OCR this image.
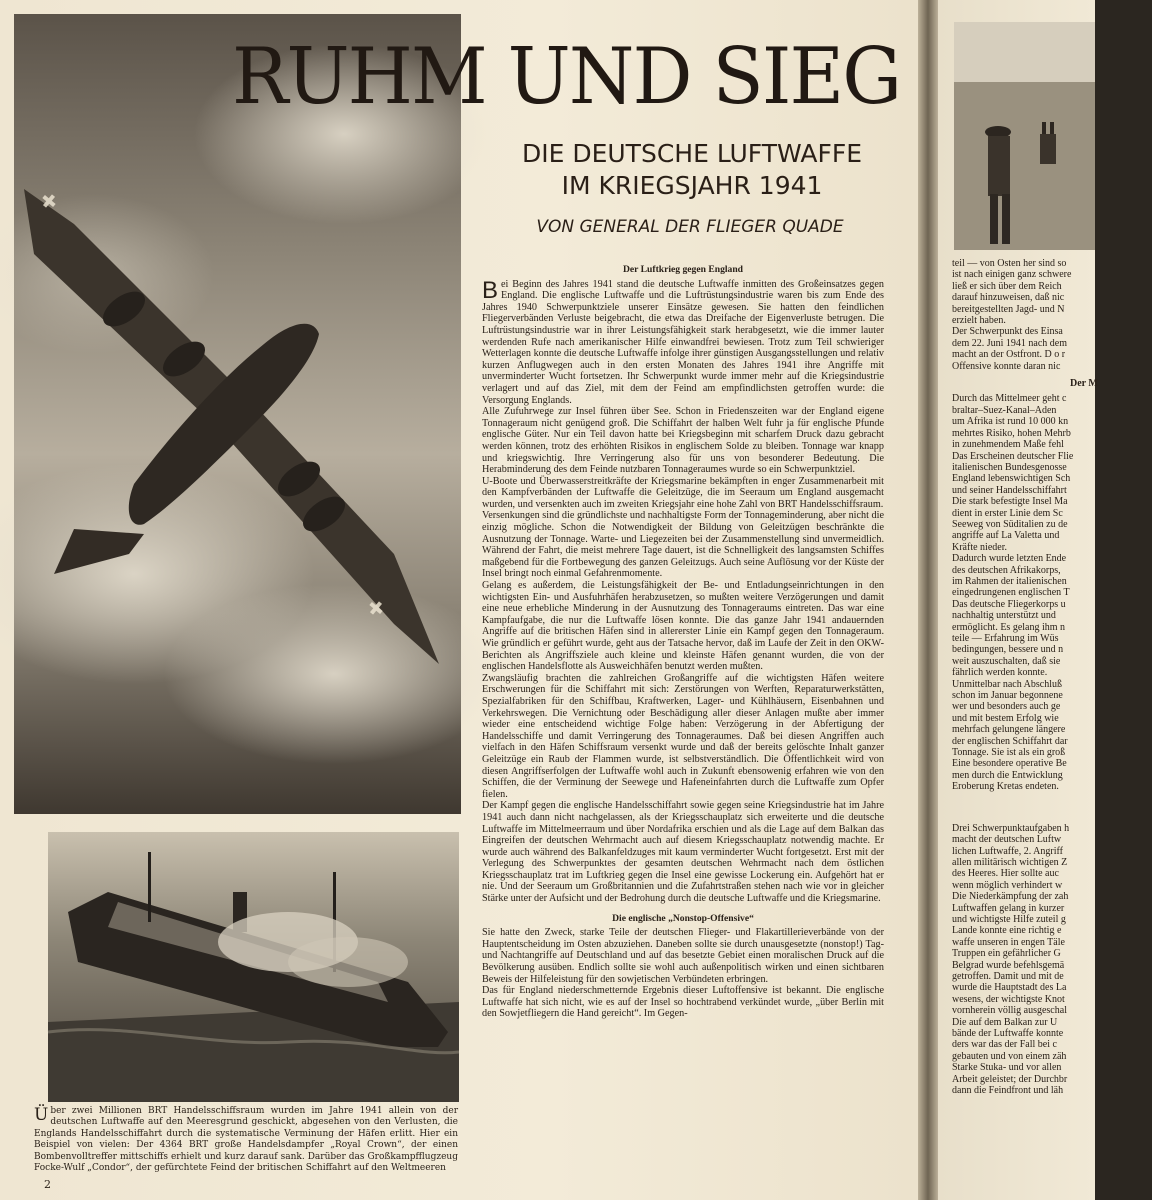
Über zwei Millionen BRT Handelsschiffsraum wurden im Jahre 1941 allein von der deutschen Luftwaffe auf den Meeresgrund geschickt, abgesehen von den Verlusten, die Englands Handelsschiffahrt durch die systematische Verminung der Häfen erlitt. Hier ein Beispiel von vielen: Der 4364 BRT große Handelsdampfer „Royal Crown“, der einen Bombenvolltreffer mittschiffs erhielt und kurz darauf sank. Darüber das Großkampfflugzeug Focke-Wulf „Condor“, der gefürchtete Feind der britischen Schiffahrt auf den Weltmeeren
2
RUHM UND SIEG
DIE DEUTSCHE LUFTWAFFE
IM KRIEGSJAHR 1941
VON GENERAL DER FLIEGER QUADE
Der Luftkrieg gegen England

Bei Beginn des Jahres 1941 stand die deutsche Luftwaffe inmitten des Großeinsatzes gegen England. Die englische Luftwaffe und die Luftrüstungsindustrie waren bis zum Ende des Jahres 1940 Schwerpunktziele unserer Einsätze gewesen. Sie hatten den feindlichen Fliegerverbänden Verluste beigebracht, die etwa das Dreifache der Eigenverluste betrugen. Die Luftrüstungsindustrie war in ihrer Leistungsfähigkeit stark herabgesetzt, wie die immer lauter werdenden Rufe nach amerikanischer Hilfe einwandfrei bewiesen. Trotz zum Teil schwieriger Wetterlagen konnte die deutsche Luftwaffe infolge ihrer günstigen Ausgangsstellungen und relativ kurzen Anflugwegen auch in den ersten Monaten des Jahres 1941 ihre Angriffe mit unverminderter Wucht fortsetzen. Ihr Schwerpunkt wurde immer mehr auf die Kriegsindustrie verlagert und auf das Ziel, mit dem der Feind am empfindlichsten getroffen wurde: die Versorgung Englands.

Alle Zufuhrwege zur Insel führen über See. Schon in Friedenszeiten war der England eigene Tonnageraum nicht genügend groß. Die Schiffahrt der halben Welt fuhr ja für englische Pfunde englische Güter. Nur ein Teil davon hatte bei Kriegsbeginn mit scharfem Druck dazu gebracht werden können, trotz des erhöhten Risikos in englischem Solde zu bleiben. Tonnage war knapp und kriegswichtig. Ihre Verringerung also für uns von besonderer Bedeutung. Die Herabminderung des dem Feinde nutzbaren Tonnageraumes wurde so ein Schwerpunktziel.

U-Boote und Überwasserstreitkräfte der Kriegsmarine bekämpften in enger Zusammenarbeit mit den Kampfverbänden der Luftwaffe die Geleitzüge, die im Seeraum um England ausgemacht wurden, und versenkten auch im zweiten Kriegsjahr eine hohe Zahl von BRT Handelsschiffsraum.

Versenkungen sind die gründlichste und nachhaltigste Form der Tonnageminderung, aber nicht die einzig mögliche. Schon die Notwendigkeit der Bildung von Geleitzügen beschränkte die Ausnutzung der Tonnage. Warte- und Liegezeiten bei der Zusammenstellung sind unvermeidlich. Während der Fahrt, die meist mehrere Tage dauert, ist die Schnelligkeit des langsamsten Schiffes maßgebend für die Fortbewegung des ganzen Geleitzugs. Auch seine Auflösung vor der Küste der Insel bringt noch einmal Gefahrenmomente.

Gelang es außerdem, die Leistungsfähigkeit der Be- und Entladungseinrichtungen in den wichtigsten Ein- und Ausfuhrhäfen herabzusetzen, so mußten weitere Verzögerungen und damit eine neue erhebliche Minderung in der Ausnutzung des Tonnageraums eintreten. Das war eine Kampfaufgabe, die nur die Luftwaffe lösen konnte. Die das ganze Jahr 1941 andauernden Angriffe auf die britischen Häfen sind in allererster Linie ein Kampf gegen den Tonnageraum. Wie gründlich er geführt wurde, geht aus der Tatsache hervor, daß im Laufe der Zeit in den OKW-Berichten als Angriffsziele auch kleine und kleinste Häfen genannt wurden, die von der englischen Handelsflotte als Ausweichhäfen benutzt werden mußten.

Zwangsläufig brachten die zahlreichen Großangriffe auf die wichtigsten Häfen weitere Erschwerungen für die Schiffahrt mit sich: Zerstörungen von Werften, Reparaturwerkstätten, Spezialfabriken für den Schiffbau, Kraftwerken, Lager- und Kühlhäusern, Eisenbahnen und Verkehrswegen. Die Vernichtung oder Beschädigung aller dieser Anlagen mußte aber immer wieder eine entscheidend wichtige Folge haben: Verzögerung in der Abfertigung der Handelsschiffe und damit Verringerung des Tonnageraumes. Daß bei diesen Angriffen auch vielfach in den Häfen Schiffsraum versenkt wurde und daß der bereits gelöschte Inhalt ganzer Geleitzüge ein Raub der Flammen wurde, ist selbstverständlich. Die Öffentlichkeit wird von diesen Angriffserfolgen der Luftwaffe wohl auch in Zukunft ebensowenig erfahren wie von den Schiffen, die der Verminung der Seewege und Hafeneinfahrten durch die Luftwaffe zum Opfer fielen.

Der Kampf gegen die englische Handelsschiffahrt sowie gegen seine Kriegsindustrie hat im Jahre 1941 auch dann nicht nachgelassen, als der Kriegsschauplatz sich erweiterte und die deutsche Luftwaffe im Mittelmeerraum und über Nordafrika erschien und als die Lage auf dem Balkan das Eingreifen der deutschen Wehrmacht auch auf diesem Kriegsschauplatz notwendig machte. Er wurde auch während des Balkanfeldzuges mit kaum verminderter Wucht fortgesetzt. Erst mit der Verlegung des Schwerpunktes der gesamten deutschen Wehrmacht nach dem östlichen Kriegsschauplatz trat im Luftkrieg gegen die Insel eine gewisse Lockerung ein. Aufgehört hat er nie. Und der Seeraum um Großbritannien und die Zufahrtstraßen stehen nach wie vor in gleicher Stärke unter der Aufsicht und der Bedrohung durch die deutsche Luftwaffe und die Kriegsmarine.

Die englische „Nonstop-Offensive“

Sie hatte den Zweck, starke Teile der deutschen Flieger- und Flakartillerieverbände von der Hauptentscheidung im Osten abzuziehen. Daneben sollte sie durch unausgesetzte (nonstop!) Tag- und Nachtangriffe auf Deutschland und auf das besetzte Gebiet einen moralischen Druck auf die Bevölkerung ausüben. Endlich sollte sie wohl auch außenpolitisch wirken und einen sichtbaren Beweis der Hilfeleistung für den sowjetischen Verbündeten erbringen.

Das für England niederschmetternde Ergebnis dieser Luftoffensive ist bekannt. Die englische Luftwaffe hat sich nicht, wie es auf der Insel so hochtrabend verkündet wurde, „über Berlin mit den Sowjetfliegern die Hand gereicht“. Im Gegen-

teil — von Osten her sind so

ist nach einigen ganz schwere

ließ er sich über dem Reich

darauf hinzuweisen, daß nic

bereitgestellten Jagd- und N

erzielt haben.

Der Schwerpunkt des Einsa

dem 22. Juni 1941 nach dem

macht an der Ostfront. D o r

Offensive konnte daran nic

Der M

Durch das Mittelmeer geht c

braltar–Suez-Kanal–Aden

um Afrika ist rund 10 000 kn

mehrtes Risiko, hohen Mehrb

in zunehmendem Maße fehl

Das Erscheinen deutscher Flie

italienischen Bundesgenosse

England lebenswichtigen Sch

und seiner Handelsschiffahrt

Die stark befestigte Insel Ma

dient in erster Linie dem Sc

Seeweg von Süditalien zu de

angriffe auf La Valetta und

Kräfte nieder.

Dadurch wurde letzten Ende

des deutschen Afrikakorps,

im Rahmen der italienischen

eingedrungenen englischen T

Das deutsche Fliegerkorps u

nachhaltig unterstützt und

ermöglicht. Es gelang ihm n

teile — Erfahrung im Wüs

bedingungen, bessere und n

weit auszuschalten, daß sie

fährlich werden konnte.

Unmittelbar nach Abschluß

schon im Januar begonnene

wer und besonders auch ge

und mit bestem Erfolg wie

mehrfach gelungene längere

der englischen Schiffahrt dar

Tonnage. Sie ist als ein groß

Eine besondere operative Be

men durch die Entwicklung

Eroberung Kretas endeten.

Drei Schwerpunktaufgaben h

macht der deutschen Luftw

lichen Luftwaffe, 2. Angriff

allen militärisch wichtigen Z

des Heeres. Hier sollte auc

wenn möglich verhindert w

Die Niederkämpfung der zah

Luftwaffen gelang in kurzer

und wichtigste Hilfe zuteil g

Lande konnte eine richtig e

waffe unseren in engen Täle

Truppen ein gefährlicher G

Belgrad wurde befehlsgemä

getroffen. Damit und mit de

wurde die Hauptstadt des La

wesens, der wichtigste Knot

vornherein völlig ausgeschal

Die auf dem Balkan zur U

bände der Luftwaffe konnte

ders war das der Fall bei c

gebauten und von einem zäh

Starke Stuka- und vor allen

Arbeit geleistet; der Durchbr

dann die Feindfront und läh
